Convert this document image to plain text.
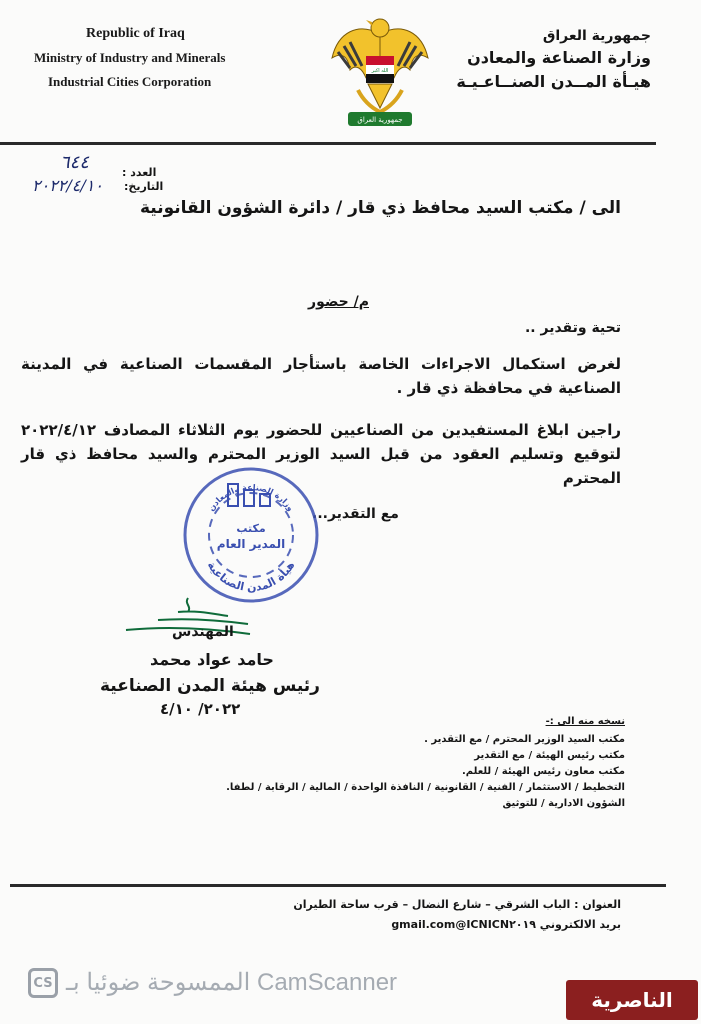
Republic of Iraq
Ministry of Industry and Minerals
Industrial Cities Corporation
جمهورية العراق
وزارة الصناعة والمعادن
هيـأة المــدن الصنــاعـيـة
الله اكبر
جمهورية العراق
العدد :
٦٤٤
التاريخ:
٢٠٢٢/٤/١٠
الى / مكتب السيد محافظ ذي قار / دائرة الشؤون القانونية
م/ حضور
تحية وتقدير ..
لغرض استكمال الاجراءات الخاصة باستأجار المقسمات الصناعية في المدينة الصناعية في محافظة ذي قار .
راجين ابلاغ المستفيدين من الصناعيين للحضور يوم الثلاثاء المصادف ٢٠٢٢/٤/١٢ لتوقيع وتسليم العقود من قبل السيد الوزير المحترم والسيد محافظ ذي قار المحترم
مع التقدير...
وزارة الصناعة والمعادن
مكتب
المدير العام
هيأة المدن الصناعية
المهندس
حامد عواد محمد
رئيس هيئة المدن الصناعية
٢٠٢٢/ ٤/١٠
نسخه منه الى :-
مكتب السيد الوزير المحترم / مع التقدير .
مكتب رئيس الهيئة / مع التقدير
مكتب معاون رئيس الهيئة / للعلم.
التخطيط / الاستثمار / الفنية / القانونية / النافذة الواحدة / المالية / الرقابة / لطفا.
الشؤون الادارية / للتوثيق
العنوان : الباب الشرقي – شارع النضال – قرب ساحة الطيران
بريد الالكتروني ICNICN٢٠١٩@gmail.com
CS الممسوحة ضوئيا بـ CamScanner
الناصرية
